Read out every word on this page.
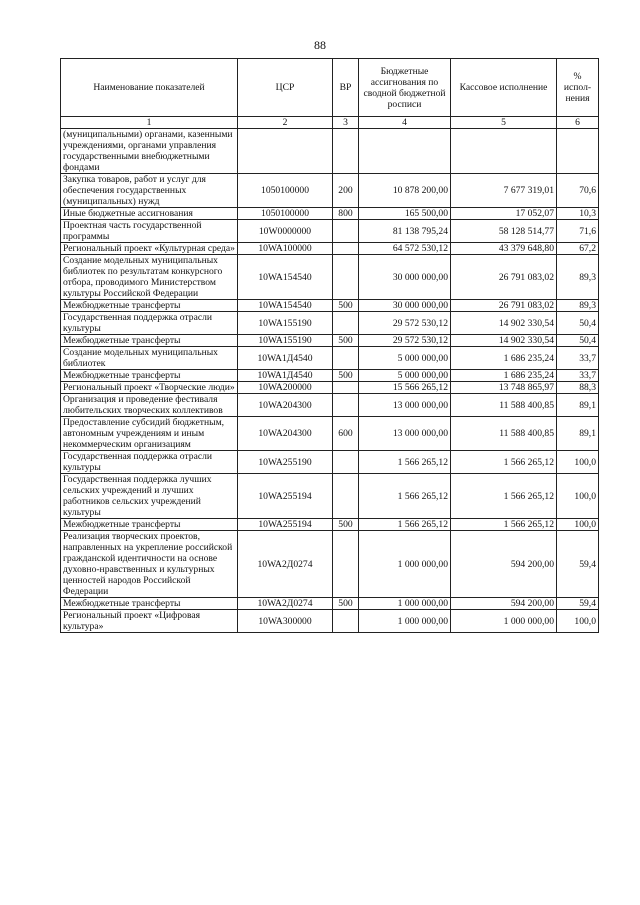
88
Наименование показателей	ЦСР	ВР	Бюджетные ассигнования по сводной бюджетной росписи	Кассовое исполнение	% испол-нения
1	2	3	4	5	6
(муниципальными) органами, казенными учреждениями, органами управления государственными внебюджетными фондами					
Закупка товаров, работ и услуг для обеспечения государственных (муниципальных) нужд	1050100000	200	10 878 200,00	7 677 319,01	70,6
Иные бюджетные ассигнования	1050100000	800	165 500,00	17 052,07	10,3
Проектная часть государственной программы	10W0000000		81 138 795,24	58 128 514,77	71,6
Региональный проект «Культурная среда»	10WA100000		64 572 530,12	43 379 648,80	67,2
Создание модельных муниципальных библиотек по результатам конкурсного отбора, проводимого Министерством культуры Российской Федерации	10WA154540		30 000 000,00	26 791 083,02	89,3
Межбюджетные трансферты	10WA154540	500	30 000 000,00	26 791 083,02	89,3
Государственная поддержка отрасли культуры	10WA155190		29 572 530,12	14 902 330,54	50,4
Межбюджетные трансферты	10WA155190	500	29 572 530,12	14 902 330,54	50,4
Создание модельных муниципальных библиотек	10WA1Д4540		5 000 000,00	1 686 235,24	33,7
Межбюджетные трансферты	10WA1Д4540	500	5 000 000,00	1 686 235,24	33,7
Региональный проект «Творческие люди»	10WA200000		15 566 265,12	13 748 865,97	88,3
Организация и проведение фестиваля любительских творческих коллективов	10WA204300		13 000 000,00	11 588 400,85	89,1
Предоставление субсидий бюджетным, автономным учреждениям и иным некоммерческим организациям	10WA204300	600	13 000 000,00	11 588 400,85	89,1
Государственная поддержка отрасли культуры	10WA255190		1 566 265,12	1 566 265,12	100,0
Государственная поддержка лучших сельских учреждений и лучших работников сельских учреждений культуры	10WA255194		1 566 265,12	1 566 265,12	100,0
Межбюджетные трансферты	10WA255194	500	1 566 265,12	1 566 265,12	100,0
Реализация творческих проектов, направленных на укрепление российской гражданской идентичности на основе духовно-нравственных и культурных ценностей народов Российской Федерации	10WA2Д0274		1 000 000,00	594 200,00	59,4
Межбюджетные трансферты	10WA2Д0274	500	1 000 000,00	594 200,00	59,4
Региональный проект «Цифровая культура»	10WA300000		1 000 000,00	1 000 000,00	100,0
